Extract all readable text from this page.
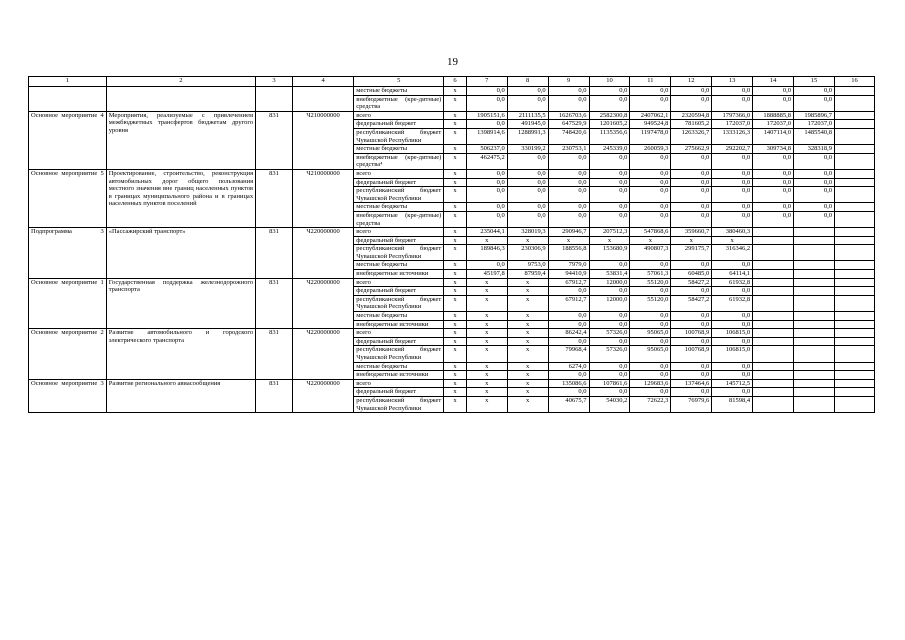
19
1	2	3	4	5	6	7	8	9	10	11	12	13	14	15	16
				местные бюджеты	x	0,0	0,0	0,0	0,0	0,0	0,0	0,0	0,0	0,0	
				внебюджетные (кре-дитные) средства	x	0,0	0,0	0,0	0,0	0,0	0,0	0,0	0,0	0,0	
Основное мероприятие 4	Мероприятия, реализуемые с привлечением межбюджетных трансфертов бюджетам другого уровня	831	Ч210000000	всего	x	1905151,6	2111135,5	1626703,6	2582300,8	2407062,1	2320594,8	1797366,0	1888885,8	1985896,7	
				федеральный бюджет	x	0,0	491945,0	647529,9	1201605,2	949524,8	781605,2	172037,0	172037,0	172037,0	
				республиканский бюджет Чувашской Республики	x	1398914,6	1288991,3	748420,6	1135356,6	1197478,0	1263326,7	1333126,3	1407114,0	1485540,8	
				местные бюджеты	x	506237,0	330199,2	230753,1	245339,0	260059,3	275662,9	292202,7	309734,8	328318,9	
				внебюджетные (кре-дитные) средства⁴	x	462475,2	0,0	0,0	0,0	0,0	0,0	0,0	0,0	0,0	
Основное мероприятие 5	Проектирование, строительство, реконструкция автомобильных дорог общего пользования местного значения вне границ населенных пунктов в границах муниципального района и в границах населенных пунктов поселений	831	Ч210000000	всего	x	0,0	0,0	0,0	0,0	0,0	0,0	0,0	0,0	0,0	
				федеральный бюджет	x	0,0	0,0	0,0	0,0	0,0	0,0	0,0	0,0	0,0	
				республиканский бюджет Чувашской Республики	x	0,0	0,0	0,0	0,0	0,0	0,0	0,0	0,0	0,0	
				местные бюджеты	x	0,0	0,0	0,0	0,0	0,0	0,0	0,0	0,0	0,0	
				внебюджетные (кре-дитные) средства	x	0,0	0,0	0,0	0,0	0,0	0,0	0,0	0,0	0,0	
Подпрограмма 3	«Пассажирский транспорт»	831	Ч220000000	всего	x	235044,1	328019,3	290946,7	207512,3	547868,6	359660,7	380460,3			
				федеральный бюджет	x	x	x	x	x	x	x	x			
				республиканский бюджет Чувашской Республики	x	189846,3	230306,9	188556,8	153680,9	490807,3	299175,7	316346,2			
				местные бюджеты	x	0,0	9753,0	7979,0	0,0	0,0	0,0	0,0			
				внебюджетные источники	x	45197,8	87959,4	94410,9	53831,4	57061,3	60485,0	64114,1			
Основное мероприятие 1	Государственная поддержка железнодорожного транспорта	831	Ч220000000	всего	x	x	x	67912,7	12000,0	55120,0	58427,2	61932,8			
				федеральный бюджет	x	x	x	0,0	0,0	0,0	0,0	0,0			
				республиканский бюджет Чувашской Республики	x	x	x	67912,7	12000,0	55120,0	58427,2	61932,8			
				местные бюджеты	x	x	x	0,0	0,0	0,0	0,0	0,0			
				внебюджетные источники	x	x	x	0,0	0,0	0,0	0,0	0,0			
Основное мероприятие 2	Развитие автомобильного и городского электрического транспорта	831	Ч220000000	всего	x	x	x	86242,4	57326,0	95065,0	100768,9	106815,0			
				федеральный бюджет	x	x	x	0,0	0,0	0,0	0,0	0,0			
				республиканский бюджет Чувашской Республики	x	x	x	79968,4	57326,0	95065,0	100768,9	106815,0			
				местные бюджеты	x	x	x	6274,0	0,0	0,0	0,0	0,0			
				внебюджетные источники	x	x	x	0,0	0,0	0,0	0,0	0,0			
Основное мероприятие 3	Развитие регионального авиасообщения	831	Ч220000000	всего	x	x	x	135086,6	107861,6	129683,6	137464,6	145712,5			
				федеральный бюджет	x	x	x	0,0	0,0	0,0	0,0	0,0			
				республиканский бюджет Чувашской Республики	x	x	x	40675,7	54030,2	72622,3	76979,6	81598,4			
